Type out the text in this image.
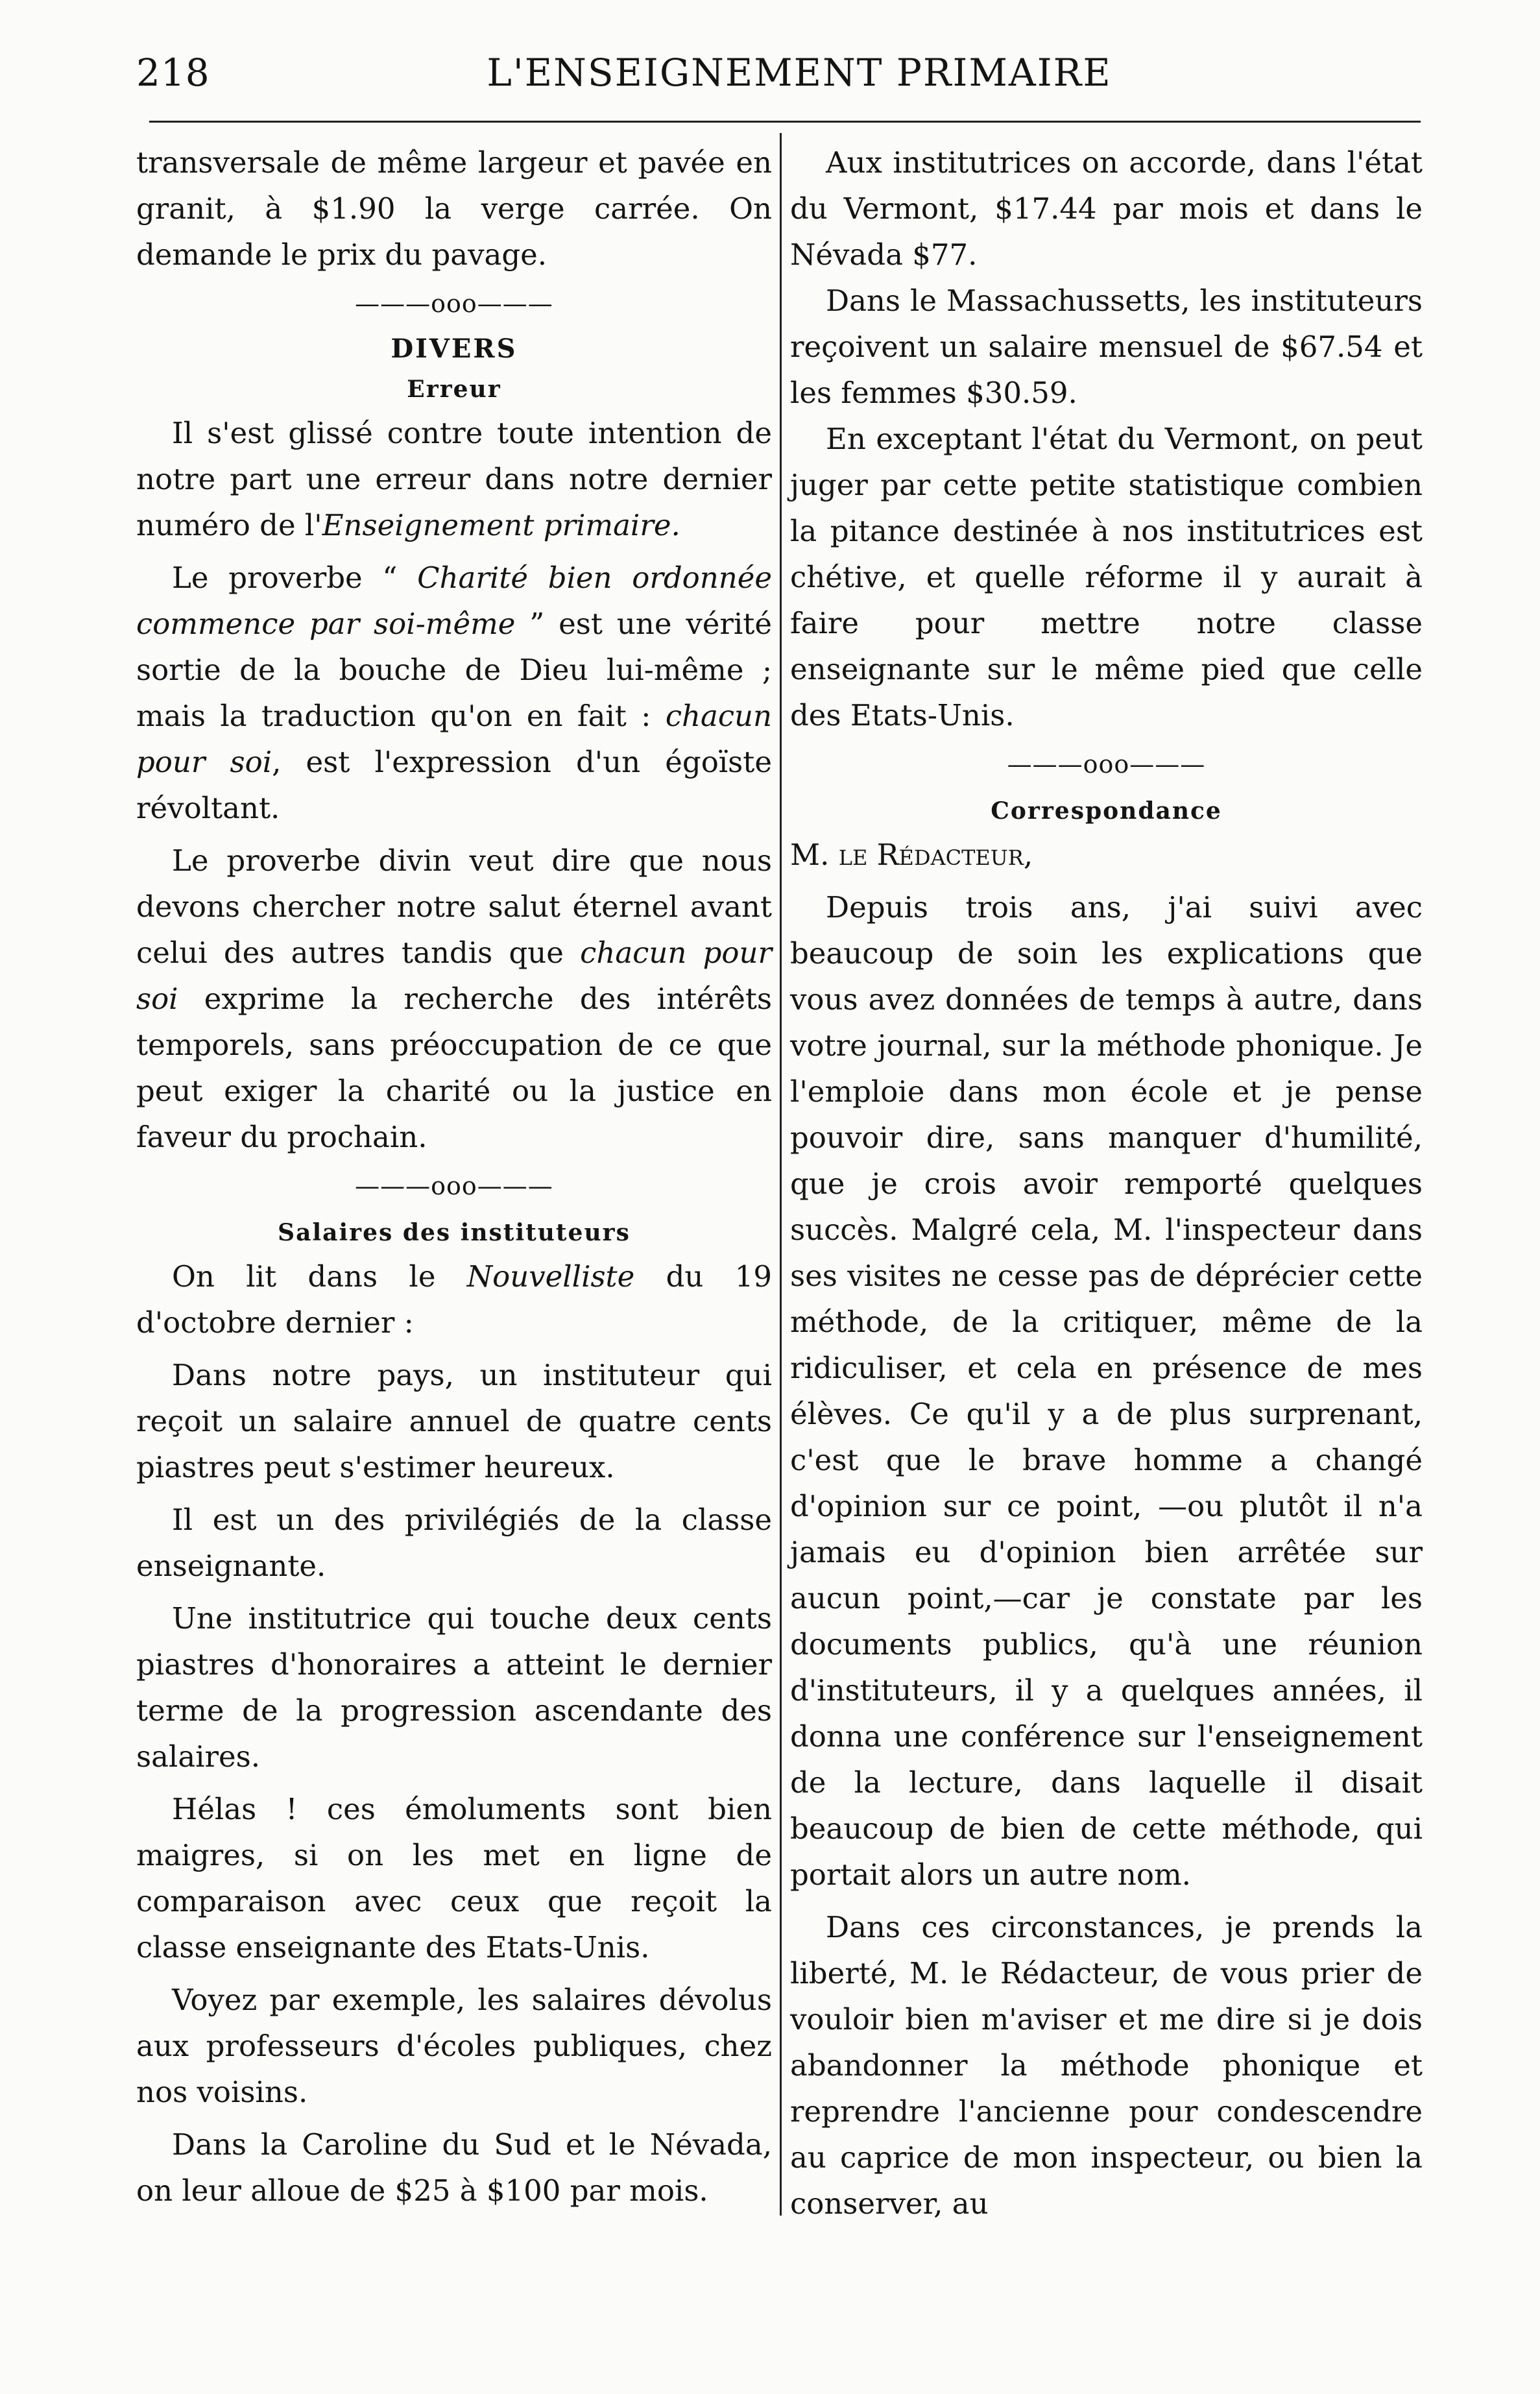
218	L'ENSEIGNEMENT PRIMAIRE

transversale de même largeur et pavée en granit, à $1.90 la verge carrée. On demande le prix du pavage.

———ooo———
DIVERS
Erreur

Il s'est glissé contre toute intention de notre part une erreur dans notre dernier numéro de l'Enseignement primaire.

Le proverbe “ Charité bien ordonnée commence par soi-même ” est une vérité sortie de la bouche de Dieu lui-même ; mais la traduction qu'on en fait : chacun pour soi, est l'expression d'un égoïste révoltant.

Le proverbe divin veut dire que nous devons chercher notre salut éternel avant celui des autres tandis que chacun pour soi exprime la recherche des intérêts temporels, sans préoccupation de ce que peut exiger la charité ou la justice en faveur du prochain.

———ooo———
Salaires des instituteurs

On lit dans le Nouvelliste du 19 d'octobre dernier :

Dans notre pays, un instituteur qui reçoit un salaire annuel de quatre cents piastres peut s'estimer heureux.

Il est un des privilégiés de la classe enseignante.

Une institutrice qui touche deux cents piastres d'honoraires a atteint le dernier terme de la progression ascendante des salaires.

Hélas ! ces émoluments sont bien maigres, si on les met en ligne de comparaison avec ceux que reçoit la classe enseignante des Etats-Unis.

Voyez par exemple, les salaires dévolus aux professeurs d'écoles publiques, chez nos voisins.

Dans la Caroline du Sud et le Névada, on leur alloue de $25 à $100 par mois.

Aux institutrices on accorde, dans l'état du Vermont, $17.44 par mois et dans le Névada $77.

Dans le Massachussetts, les instituteurs reçoivent un salaire mensuel de $67.54 et les femmes $30.59.

En exceptant l'état du Vermont, on peut juger par cette petite statistique combien la pitance destinée à nos institutrices est chétive, et quelle réforme il y aurait à faire pour mettre notre classe enseignante sur le même pied que celle des Etats-Unis.

———ooo———
Correspondance

M. le Rédacteur,

Depuis trois ans, j'ai suivi avec beaucoup de soin les explications que vous avez données de temps à autre, dans votre journal, sur la méthode phonique. Je l'emploie dans mon école et je pense pouvoir dire, sans manquer d'humilité, que je crois avoir remporté quelques succès. Malgré cela, M. l'inspecteur dans ses visites ne cesse pas de déprécier cette méthode, de la critiquer, même de la ridiculiser, et cela en présence de mes élèves. Ce qu'il y a de plus surprenant, c'est que le brave homme a changé d'opinion sur ce point, —ou plutôt il n'a jamais eu d'opinion bien arrêtée sur aucun point,—car je constate par les documents publics, qu'à une réunion d'instituteurs, il y a quelques années, il donna une conférence sur l'enseignement de la lecture, dans laquelle il disait beaucoup de bien de cette méthode, qui portait alors un autre nom.

Dans ces circonstances, je prends la liberté, M. le Rédacteur, de vous prier de vouloir bien m'aviser et me dire si je dois abandonner la méthode phonique et reprendre l'ancienne pour condescendre au caprice de mon inspecteur, ou bien la conserver, au
